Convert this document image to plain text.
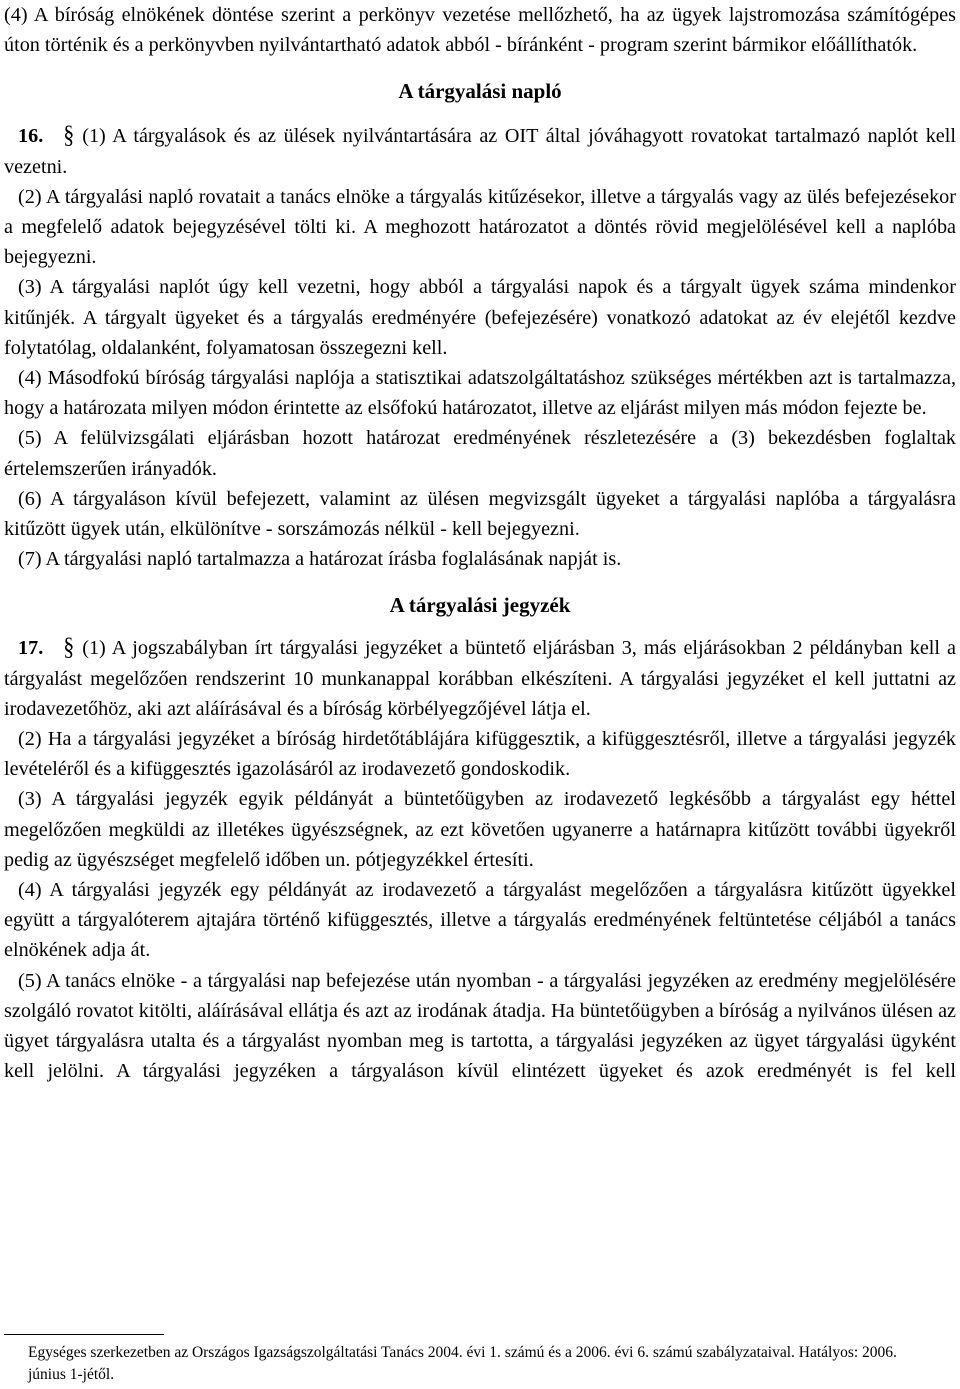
(4) A bíróság elnökének döntése szerint a perkönyv vezetése mellőzhető, ha az ügyek lajstromozása számítógépes úton történik és a perkönyvben nyilvántartható adatok abból - bíránként - program szerint bármikor előállíthatók.

A tárgyalási napló

16. § (1) A tárgyalások és az ülések nyilvántartására az OIT által jóváhagyott rovatokat tartalmazó naplót kell vezetni.

(2) A tárgyalási napló rovatait a tanács elnöke a tárgyalás kitűzésekor, illetve a tárgyalás vagy az ülés befejezésekor a megfelelő adatok bejegyzésével tölti ki. A meghozott határozatot a döntés rövid megjelölésével kell a naplóba bejegyezni.

(3) A tárgyalási naplót úgy kell vezetni, hogy abból a tárgyalási napok és a tárgyalt ügyek száma mindenkor kitűnjék. A tárgyalt ügyeket és a tárgyalás eredményére (befejezésére) vonatkozó adatokat az év elejétől kezdve folytatólag, oldalanként, folyamatosan összegezni kell.

(4) Másodfokú bíróság tárgyalási naplója a statisztikai adatszolgáltatáshoz szükséges mértékben azt is tartalmazza, hogy a határozata milyen módon érintette az elsőfokú határozatot, illetve az eljárást milyen más módon fejezte be.

(5) A felülvizsgálati eljárásban hozott határozat eredményének részletezésére a (3) bekezdésben foglaltak értelemszerűen irányadók.

(6) A tárgyaláson kívül befejezett, valamint az ülésen megvizsgált ügyeket a tárgyalási naplóba a tárgyalásra kitűzött ügyek után, elkülönítve - sorszámozás nélkül - kell bejegyezni.

(7) A tárgyalási napló tartalmazza a határozat írásba foglalásának napját is.

A tárgyalási jegyzék

17. § (1) A jogszabályban írt tárgyalási jegyzéket a büntető eljárásban 3, más eljárásokban 2 példányban kell a tárgyalást megelőzően rendszerint 10 munkanappal korábban elkészíteni. A tárgyalási jegyzéket el kell juttatni az irodavezetőhöz, aki azt aláírásával és a bíróság körbélyegzőjével látja el.

(2) Ha a tárgyalási jegyzéket a bíróság hirdetőtáblájára kifüggesztik, a kifüggesztésről, illetve a tárgyalási jegyzék levételéről és a kifüggesztés igazolásáról az irodavezető gondoskodik.

(3) A tárgyalási jegyzék egyik példányát a büntetőügyben az irodavezető legkésőbb a tárgyalást egy héttel megelőzően megküldi az illetékes ügyészségnek, az ezt követően ugyanerre a határnapra kitűzött további ügyekről pedig az ügyészséget megfelelő időben un. pótjegyzékkel értesíti.

(4) A tárgyalási jegyzék egy példányát az irodavezető a tárgyalást megelőzően a tárgyalásra kitűzött ügyekkel együtt a tárgyalóterem ajtajára történő kifüggesztés, illetve a tárgyalás eredményének feltüntetése céljából a tanács elnökének adja át.

(5) A tanács elnöke - a tárgyalási nap befejezése után nyomban - a tárgyalási jegyzéken az eredmény megjelölésére szolgáló rovatot kitölti, aláírásával ellátja és azt az irodának átadja. Ha büntetőügyben a bíróság a nyilvános ülésen az ügyet tárgyalásra utalta és a tárgyalást nyomban meg is tartotta, a tárgyalási jegyzéken az ügyet tárgyalási ügyként kell jelölni. A tárgyalási jegyzéken a tárgyaláson kívül elintézett ügyeket és azok eredményét is fel kell

Egységes szerkezetben az Országos Igazságszolgáltatási Tanács 2004. évi 1. számú és a 2006. évi 6. számú szabályzataival. Hatályos: 2006. június 1-jétől.
